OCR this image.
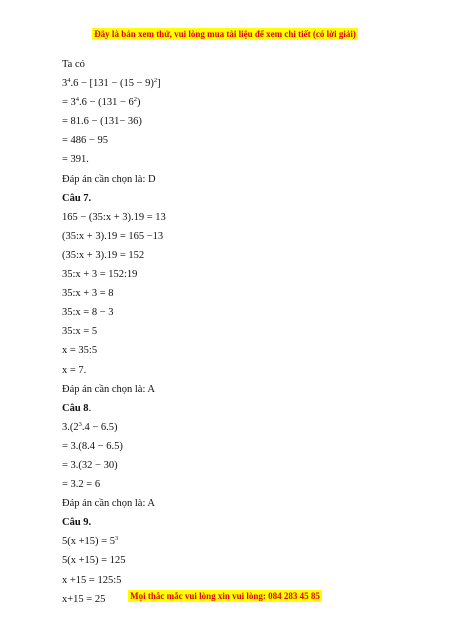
Đây là bản xem thử, vui lòng mua tài liệu để xem chi tiết (có lời giải)
Ta có
$3^4.6 - [131 - (15 - 9)^2]$
= $3^4.6 - (131 - 6^2)$
= 81.6 − (131− 36)
= 486 − 95
= 391.
Đáp án cần chọn là: D
Câu 7.
165 − (35:x + 3).19 = 13
(35:x + 3).19 = 165 −13
(35:x + 3).19 = 152
35:x + 3 = 152:19
35:x + 3 = 8
35:x = 8 − 3
35:x = 5
x = 35:5
x = 7.
Đáp án cần chọn là: A
Câu 8.
$3.(2^3.4 - 6.5)$
= 3.(8.4 − 6.5)
= 3.(32 − 30)
= 3.2 = 6
Đáp án cần chọn là: A
Câu 9.
$5(x +15) = 5^3$
5(x +15) = 125
x +15 = 125:5
x+15 = 25	Mọi thắc mắc vui lòng xin vui lòng: 084 283 45 85
